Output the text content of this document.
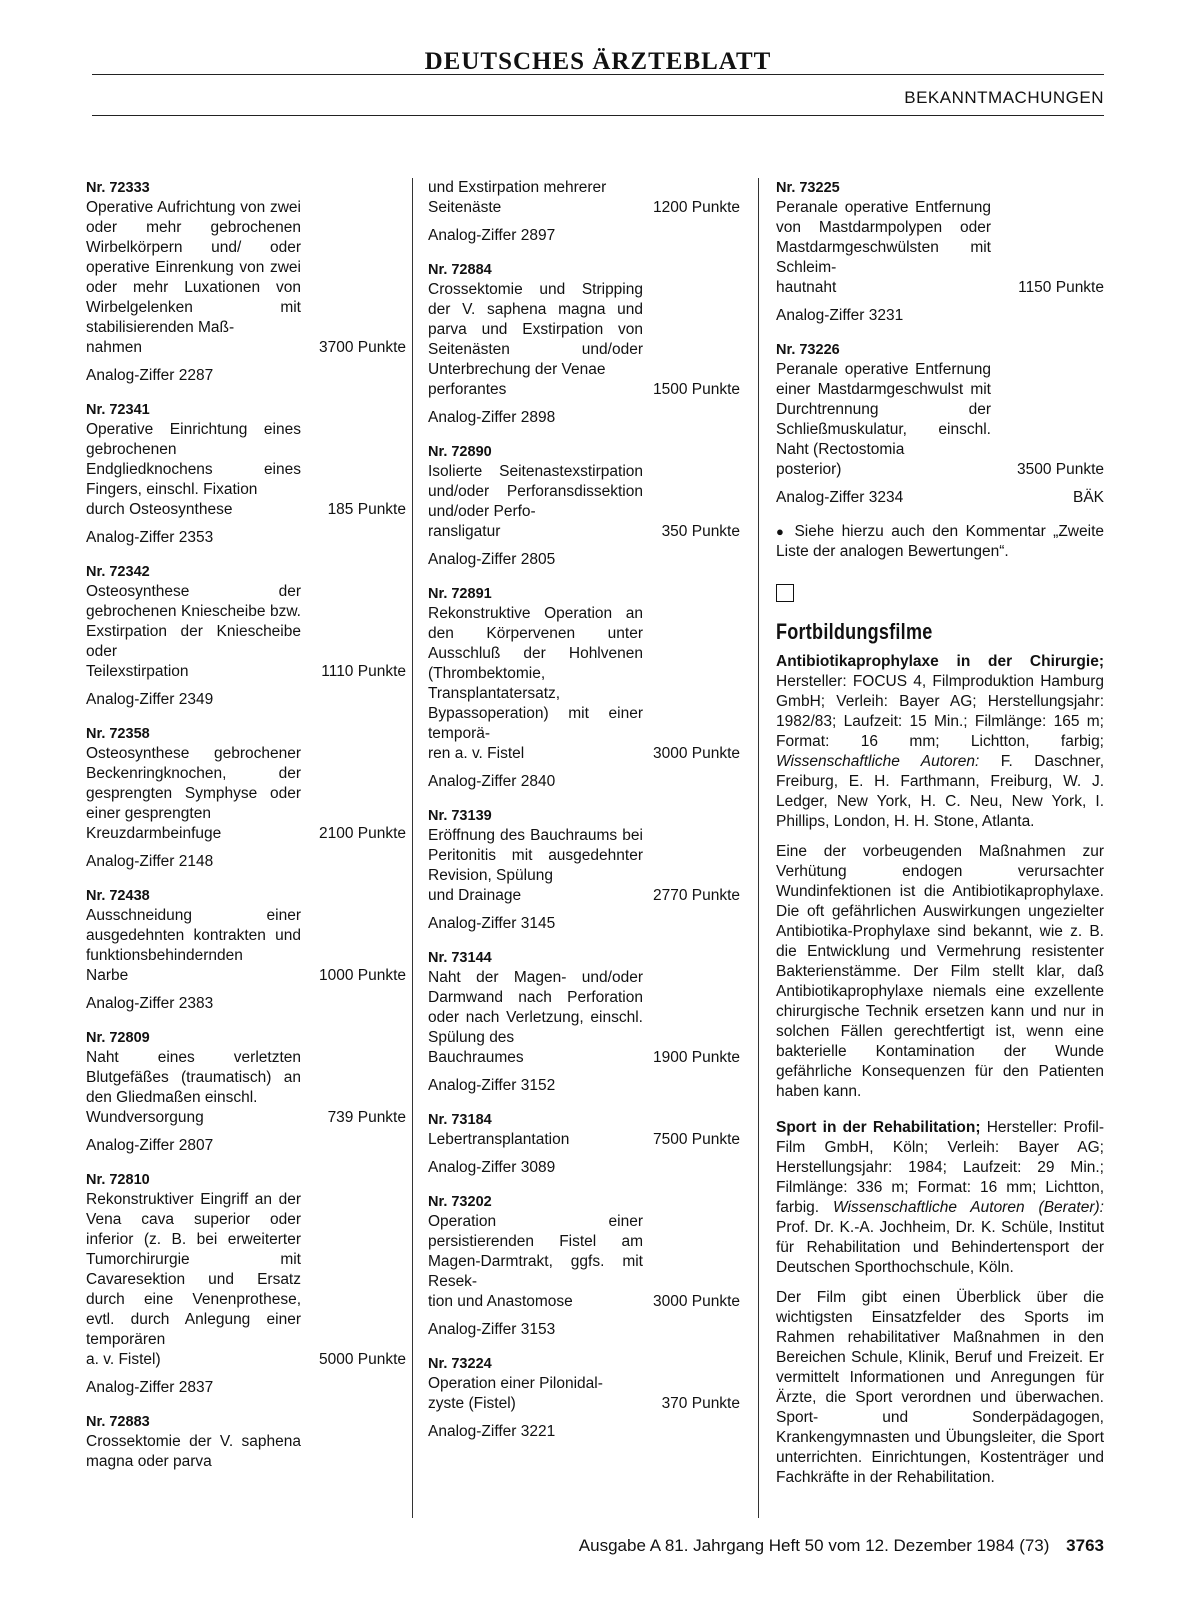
DEUTSCHES ÄRZTEBLATT
BEKANNTMACHUNGEN
Nr. 72333
Operative Aufrichtung von zwei oder mehr gebrochenen Wirbelkörpern und/ oder operative Einrenkung von zwei oder mehr Luxationen von Wirbelgelenken mit stabilisierenden Maß-
nahmen	3700 Punkte
Analog-Ziffer 2287
Nr. 72341
Operative Einrichtung eines gebrochenen Endgliedknochens eines Fingers, einschl. Fixation
durch Osteosynthese	185 Punkte
Analog-Ziffer 2353
Nr. 72342
Osteosynthese der gebrochenen Kniescheibe bzw. Exstirpation der Kniescheibe oder
Teilexstirpation	1110 Punkte
Analog-Ziffer 2349
Nr. 72358
Osteosynthese gebrochener Beckenringknochen, der gesprengten Symphyse oder einer gesprengten
Kreuzdarmbeinfuge	2100 Punkte
Analog-Ziffer 2148
Nr. 72438
Ausschneidung einer ausgedehnten kontrakten und funktionsbehindernden
Narbe	1000 Punkte
Analog-Ziffer 2383
Nr. 72809
Naht eines verletzten Blutgefäßes (traumatisch) an den Gliedmaßen einschl.
Wundversorgung	739 Punkte
Analog-Ziffer 2807
Nr. 72810
Rekonstruktiver Eingriff an der Vena cava superior oder inferior (z. B. bei erweiterter Tumorchirurgie mit Cavaresektion und Ersatz durch eine Venenprothese, evtl. durch Anlegung einer temporären
a. v. Fistel)	5000 Punkte
Analog-Ziffer 2837
Nr. 72883
Crossektomie der V. saphena magna oder parva
und Exstirpation mehrerer
Seitenäste	1200 Punkte
Analog-Ziffer 2897
Nr. 72884
Crossektomie und Stripping der V. saphena magna und parva und Exstirpation von Seitenästen und/oder Unterbrechung der Venae
perforantes	1500 Punkte
Analog-Ziffer 2898
Nr. 72890
Isolierte Seitenastexstirpation und/oder Perforansdissektion und/oder Perfo-
ransligatur	350 Punkte
Analog-Ziffer 2805
Nr. 72891
Rekonstruktive Operation an den Körpervenen unter Ausschluß der Hohlvenen (Thrombektomie, Transplantatersatz, Bypassoperation) mit einer temporä-
ren a. v. Fistel	3000 Punkte
Analog-Ziffer 2840
Nr. 73139
Eröffnung des Bauchraums bei Peritonitis mit ausgedehnter Revision, Spülung
und Drainage	2770 Punkte
Analog-Ziffer 3145
Nr. 73144
Naht der Magen- und/oder Darmwand nach Perforation oder nach Verletzung, einschl. Spülung des
Bauchraumes	1900 Punkte
Analog-Ziffer 3152
Nr. 73184
Lebertransplantation	7500 Punkte
Analog-Ziffer 3089
Nr. 73202
Operation einer persistierenden Fistel am Magen-Darmtrakt, ggfs. mit Resek-
tion und Anastomose	3000 Punkte
Analog-Ziffer 3153
Nr. 73224
Operation einer Pilonidal-
zyste (Fistel)	370 Punkte
Analog-Ziffer 3221
Nr. 73225
Peranale operative Entfernung von Mastdarmpolypen oder Mastdarmgeschwülsten mit Schleim-
hautnaht	1150 Punkte
Analog-Ziffer 3231
Nr. 73226
Peranale operative Entfernung einer Mastdarmgeschwulst mit Durchtrennung der Schließmuskulatur, einschl. Naht (Rectostomia
posterior)	3500 Punkte
Analog-Ziffer 3234	BÄK
● Siehe hierzu auch den Kommentar „Zweite Liste der analogen Bewertungen“.
Fortbildungsfilme
Antibiotikaprophylaxe in der Chirurgie; Hersteller: FOCUS 4, Filmproduktion Hamburg GmbH; Verleih: Bayer AG; Herstellungsjahr: 1982/83; Laufzeit: 15 Min.; Filmlänge: 165 m; Format: 16 mm; Lichtton, farbig; Wissenschaftliche Autoren: F. Daschner, Freiburg, E. H. Farthmann, Freiburg, W. J. Ledger, New York, H. C. Neu, New York, I. Phillips, London, H. H. Stone, Atlanta.
Eine der vorbeugenden Maßnahmen zur Verhütung endogen verursachter Wundinfektionen ist die Antibiotikaprophylaxe. Die oft gefährlichen Auswirkungen ungezielter Antibiotika-Prophylaxe sind bekannt, wie z. B. die Entwicklung und Vermehrung resistenter Bakterienstämme. Der Film stellt klar, daß Antibiotikaprophylaxe niemals eine exzellente chirurgische Technik ersetzen kann und nur in solchen Fällen gerechtfertigt ist, wenn eine bakterielle Kontamination der Wunde gefährliche Konsequenzen für den Patienten haben kann.
Sport in der Rehabilitation; Hersteller: Profil-Film GmbH, Köln; Verleih: Bayer AG; Herstellungsjahr: 1984; Laufzeit: 29 Min.; Filmlänge: 336 m; Format: 16 mm; Lichtton, farbig. Wissenschaftliche Autoren (Berater): Prof. Dr. K.-A. Jochheim, Dr. K. Schüle, Institut für Rehabilitation und Behindertensport der Deutschen Sporthochschule, Köln.
Der Film gibt einen Überblick über die wichtigsten Einsatzfelder des Sports im Rahmen rehabilitativer Maßnahmen in den Bereichen Schule, Klinik, Beruf und Freizeit. Er vermittelt Informationen und Anregungen für Ärzte, die Sport verordnen und überwachen. Sport- und Sonderpädagogen, Krankengymnasten und Übungsleiter, die Sport unterrichten. Einrichtungen, Kostenträger und Fachkräfte in der Rehabilitation.
Ausgabe A 81. Jahrgang Heft 50 vom 12. Dezember 1984 (73) 3763
